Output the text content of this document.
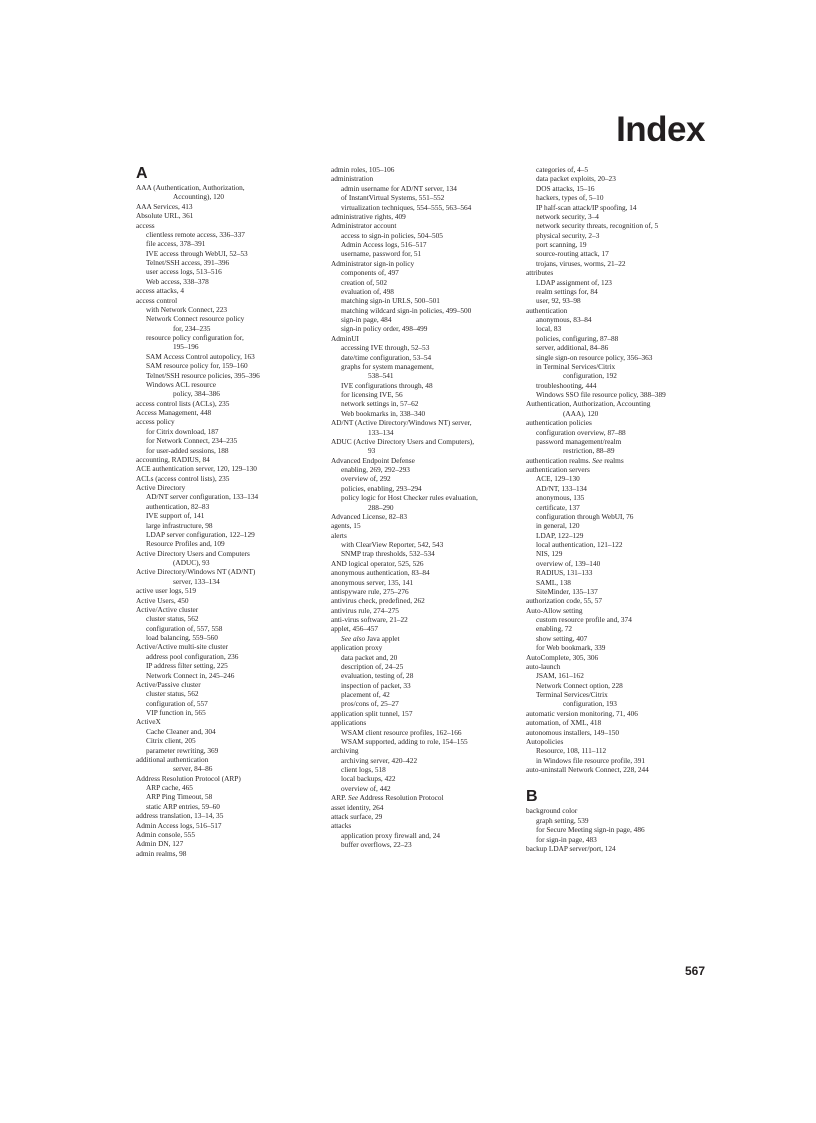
Index
A
AAA (Authentication, Authorization,
Accounting), 120
AAA Services, 413
Absolute URL, 361
access
clientless remote access, 336–337
file access, 378–391
IVE access through WebUI, 52–53
Telnet/SSH access, 391–396
user access logs, 513–516
Web access, 338–378
access attacks, 4
access control
with Network Connect, 223
Network Connect resource policy
for, 234–235
resource policy configuration for,
195–196
SAM Access Control autopolicy, 163
SAM resource policy for, 159–160
Telnet/SSH resource policies, 395–396
Windows ACL resource
policy, 384–386
access control lists (ACLs), 235
Access Management, 448
access policy
for Citrix download, 187
for Network Connect, 234–235
for user-added sessions, 188
accounting, RADIUS, 84
ACE authentication server, 120, 129–130
ACLs (access control lists), 235
Active Directory
AD/NT server configuration, 133–134
authentication, 82–83
IVE support of, 141
large infrastructure, 98
LDAP server configuration, 122–129
Resource Profiles and, 109
Active Directory Users and Computers
(ADUC), 93
Active Directory/Windows NT (AD/NT)
server, 133–134
active user logs, 519
Active Users, 450
Active/Active cluster
cluster status, 562
configuration of, 557, 558
load balancing, 559–560
Active/Active multi-site cluster
address pool configuration, 236
IP address filter setting, 225
Network Connect in, 245–246
Active/Passive cluster
cluster status, 562
configuration of, 557
VIP function in, 565
ActiveX
Cache Cleaner and, 304
Citrix client, 205
parameter rewriting, 369
additional authentication
server, 84–86
Address Resolution Protocol (ARP)
ARP cache, 465
ARP Ping Timeout, 58
static ARP entries, 59–60
address translation, 13–14, 35
Admin Access logs, 516–517
Admin console, 555
Admin DN, 127
admin realms, 98
admin roles, 105–106
administration
admin username for AD/NT server, 134
of InstantVirtual Systems, 551–552
virtualization techniques, 554–555, 563–564
administrative rights, 409
Administrator account
access to sign-in policies, 504–505
Admin Access logs, 516–517
username, password for, 51
Administrator sign-in policy
components of, 497
creation of, 502
evaluation of, 498
matching sign-in URLS, 500–501
matching wildcard sign-in policies, 499–500
sign-in page, 484
sign-in policy order, 498–499
AdminUI
accessing IVE through, 52–53
date/time configuration, 53–54
graphs for system management,
538–541
IVE configurations through, 48
for licensing IVE, 56
network settings in, 57–62
Web bookmarks in, 338–340
AD/NT (Active Directory/Windows NT) server,
133–134
ADUC (Active Directory Users and Computers),
93
Advanced Endpoint Defense
enabling, 269, 292–293
overview of, 292
policies, enabling, 293–294
policy logic for Host Checker rules evaluation,
288–290
Advanced License, 82–83
agents, 15
alerts
with ClearView Reporter, 542, 543
SNMP trap thresholds, 532–534
AND logical operator, 525, 526
anonymous authentication, 83–84
anonymous server, 135, 141
antispyware rule, 275–276
antivirus check, predefined, 262
antivirus rule, 274–275
anti-virus software, 21–22
applet, 456–457
See also Java applet
application proxy
data packet and, 20
description of, 24–25
evaluation, testing of, 28
inspection of packet, 33
placement of, 42
pros/cons of, 25–27
application split tunnel, 157
applications
WSAM client resource profiles, 162–166
WSAM supported, adding to role, 154–155
archiving
archiving server, 420–422
client logs, 518
local backups, 422
overview of, 442
ARP. See Address Resolution Protocol
asset identity, 264
attack surface, 29
attacks
application proxy firewall and, 24
buffer overflows, 22–23
categories of, 4–5
data packet exploits, 20–23
DOS attacks, 15–16
hackers, types of, 5–10
IP half-scan attack/IP spoofing, 14
network security, 3–4
network security threats, recognition of, 5
physical security, 2–3
port scanning, 19
source-routing attack, 17
trojans, viruses, worms, 21–22
attributes
LDAP assignment of, 123
realm settings for, 84
user, 92, 93–98
authentication
anonymous, 83–84
local, 83
policies, configuring, 87–88
server, additional, 84–86
single sign-on resource policy, 356–363
in Terminal Services/Citrix
configuration, 192
troubleshooting, 444
Windows SSO file resource policy, 388–389
Authentication, Authorization, Accounting
(AAA), 120
authentication policies
configuration overview, 87–88
password management/realm
restriction, 88–89
authentication realms. See realms
authentication servers
ACE, 129–130
AD/NT, 133–134
anonymous, 135
certificate, 137
configuration through WebUI, 76
in general, 120
LDAP, 122–129
local authentication, 121–122
NIS, 129
overview of, 139–140
RADIUS, 131–133
SAML, 138
SiteMinder, 135–137
authorization code, 55, 57
Auto-Allow setting
custom resource profile and, 374
enabling, 72
show setting, 407
for Web bookmark, 339
AutoComplete, 305, 306
auto-launch
JSAM, 161–162
Network Connect option, 228
Terminal Services/Citrix
configuration, 193
automatic version monitoring, 71, 406
automation, of XML, 418
autonomous installers, 149–150
Autopolicies
Resource, 108, 111–112
in Windows file resource profile, 391
auto-uninstall Network Connect, 228, 244
B
background color
graph setting, 539
for Secure Meeting sign-in page, 486
for sign-in page, 483
backup LDAP server/port, 124
567
